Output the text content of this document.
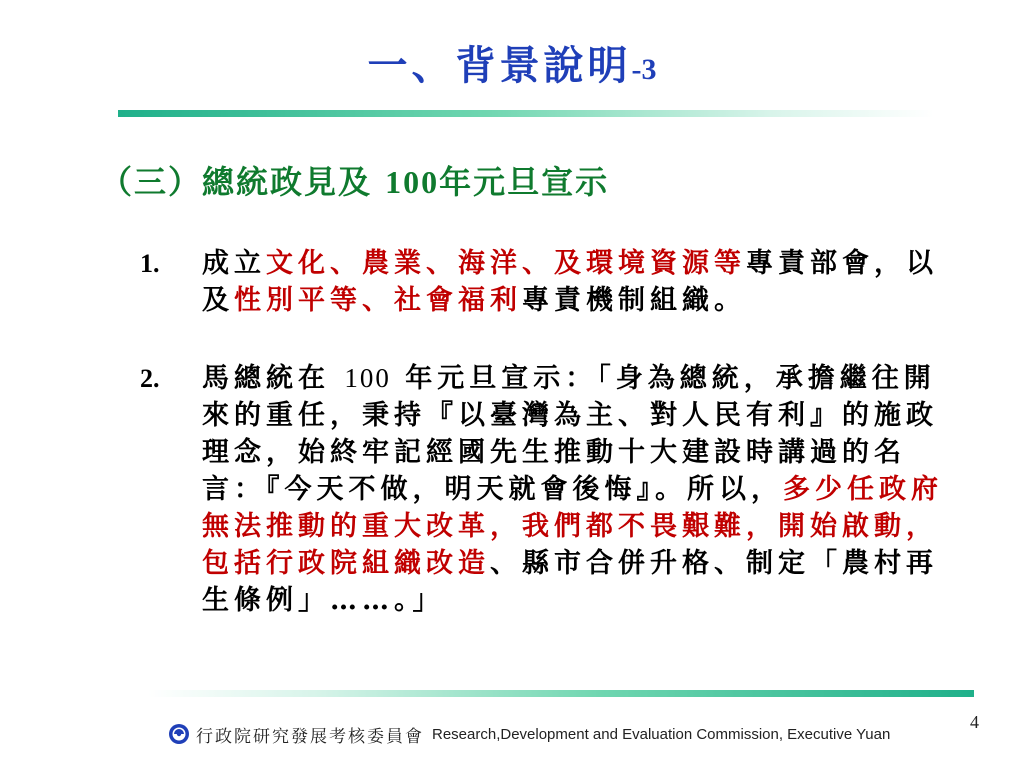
一、背景說明-3
（三）總統政見及 100年元旦宣示
1. 成立文化、農業、海洋、及環境資源等專責部會，以及性別平等、社會福利專責機制組織。
2. 馬總統在 100 年元旦宣示：「身為總統，承擔繼往開來的重任，秉持『以臺灣為主、對人民有利』的施政理念，始終牢記經國先生推動十大建設時講過的名言：『今天不做，明天就會後悔』。所以，多少任政府無法推動的重大改革，我們都不畏艱難，開始啟動，包括行政院組織改造、縣市合併升格、制定「農村再生條例」……。」
4
行政院研究發展考核委員會 Research,Development and Evaluation Commission, Executive Yuan
